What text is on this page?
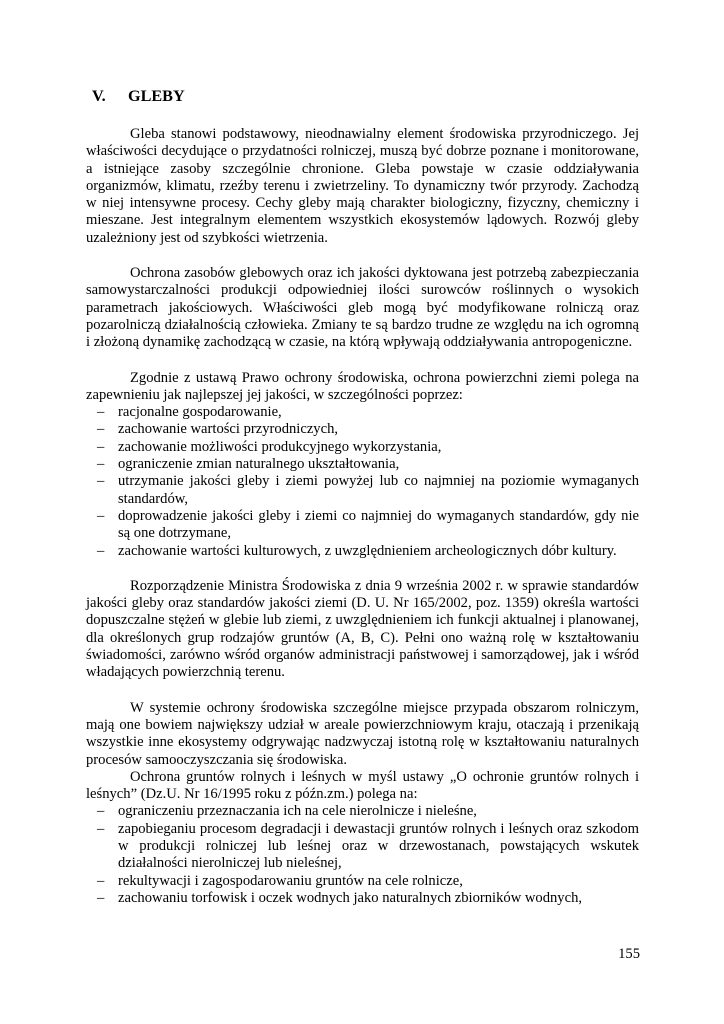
V.	GLEBY

Gleba stanowi podstawowy, nieodnawialny element środowiska przyrodniczego. Jej właściwości decydujące o przydatności rolniczej, muszą być dobrze poznane i monitorowane, a istniejące zasoby szczególnie chronione. Gleba powstaje w czasie oddziaływania organizmów, klimatu, rzeźby terenu i zwietrzeliny. To dynamiczny twór przyrody. Zachodzą w niej intensywne procesy. Cechy gleby mają charakter biologiczny, fizyczny, chemiczny i mieszane. Jest integralnym elementem wszystkich ekosystemów lądowych. Rozwój gleby uzależniony jest od szybkości wietrzenia.

Ochrona zasobów glebowych oraz ich jakości dyktowana jest potrzebą zabezpieczania samowystarczalności produkcji odpowiedniej ilości surowców roślinnych o wysokich parametrach jakościowych. Właściwości gleb mogą być modyfikowane rolniczą oraz pozarolniczą działalnością człowieka. Zmiany te są bardzo trudne ze względu na ich ogromną i złożoną dynamikę zachodzącą w czasie, na którą wpływają oddziaływania antropogeniczne.

Zgodnie z ustawą Prawo ochrony środowiska, ochrona powierzchni ziemi polega na zapewnieniu jak najlepszej jej jakości, w szczególności poprzez:

– racjonalne gospodarowanie,
– zachowanie wartości przyrodniczych,
– zachowanie możliwości produkcyjnego wykorzystania,
– ograniczenie zmian naturalnego ukształtowania,
– utrzymanie jakości gleby i ziemi powyżej lub co najmniej na poziomie wymaganych standardów,
– doprowadzenie jakości gleby i ziemi co najmniej do wymaganych standardów, gdy nie są one dotrzymane,
– zachowanie wartości kulturowych, z uwzględnieniem archeologicznych dóbr kultury.

Rozporządzenie Ministra Środowiska z dnia 9 września 2002 r. w sprawie standardów jakości gleby oraz standardów jakości ziemi (D. U. Nr 165/2002, poz. 1359) określa wartości dopuszczalne stężeń w glebie lub ziemi, z uwzględnieniem ich funkcji aktualnej i planowanej, dla określonych grup rodzajów gruntów (A, B, C). Pełni ono ważną rolę w kształtowaniu świadomości, zarówno wśród organów administracji państwowej i samorządowej, jak i wśród władających powierzchnią terenu.

W systemie ochrony środowiska szczególne miejsce przypada obszarom rolniczym, mają one bowiem największy udział w areale powierzchniowym kraju, otaczają i przenikają wszystkie inne ekosystemy odgrywając nadzwyczaj istotną rolę w kształtowaniu naturalnych procesów samooczyszczania się środowiska.

Ochrona gruntów rolnych i leśnych w myśl ustawy „O ochronie gruntów rolnych i leśnych” (Dz.U. Nr 16/1995 roku z późn.zm.) polega na:

– ograniczeniu przeznaczania ich na cele nierolnicze i nieleśne,
– zapobieganiu procesom degradacji i dewastacji gruntów rolnych i leśnych oraz szkodom w produkcji rolniczej lub leśnej oraz w drzewostanach, powstających wskutek działalności nierolniczej lub nieleśnej,
– rekultywacji i zagospodarowaniu gruntów na cele rolnicze,
– zachowaniu torfowisk i oczek wodnych jako naturalnych zbiorników wodnych,
155
